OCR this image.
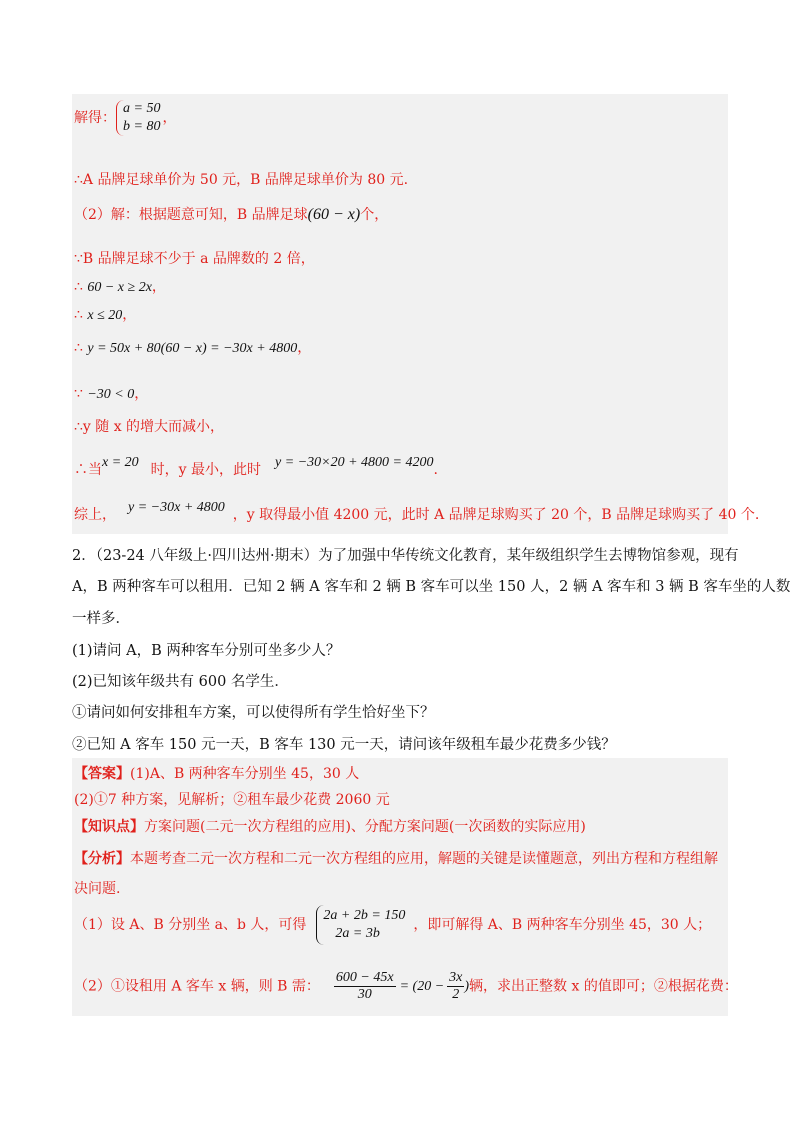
解得：
a = 50
b = 80
，
∴A 品牌足球单价为 50 元，B 品牌足球单价为 80 元.
（2）解：根据题意可知，B 品牌足球(60 − x)个，
∵B 品牌足球不少于 a 品牌数的 2 倍，
∴ 60 − x ≥ 2x，
∴ x ≤ 20，
∴ y = 50x + 80(60 − x) = −30x + 4800，
∵ −30 < 0，
∴y 随 x 的增大而减小，
∴当x = 20 时，y 最小，此时 y = −30×20 + 4800 = 4200.
综上， y = −30x + 4800 ，y 取得最小值 4200 元，此时 A 品牌足球购买了 20 个，B 品牌足球购买了 40 个.
2．（23-24 八年级上·四川达州·期末）为了加强中华传统文化教育，某年级组织学生去博物馆参观，现有
A，B 两种客车可以租用．已知 2 辆 A 客车和 2 辆 B 客车可以坐 150 人，2 辆 A 客车和 3 辆 B 客车坐的人数
一样多．
(1)请问 A，B 两种客车分别可坐多少人？
(2)已知该年级共有 600 名学生．
①请问如何安排租车方案，可以使得所有学生恰好坐下？
②已知 A 客车 150 元一天，B 客车 130 元一天，请问该年级租车最少花费多少钱？
【答案】(1)A、B 两种客车分别坐 45，30 人
(2)①7 种方案，见解析；②租车最少花费 2060 元
【知识点】方案问题(二元一次方程组的应用)、分配方案问题(一次函数的实际应用)
【分析】本题考查二元一次方程和二元一次方程组的应用，解题的关键是读懂题意，列出方程和方程组解
决问题.
（1）设 A、B 分别坐 a、b 人，可得
2a + 2b = 150
2a = 3b
，即可解得 A、B 两种客车分别坐 45，30 人；
（2）①设租用 A 客车 x 辆，则 B 需： $\frac{600 - 45x}{30} = (20 - \frac{3x}{2}$ )辆，求出正整数 x 的值即可；②根据花费：
